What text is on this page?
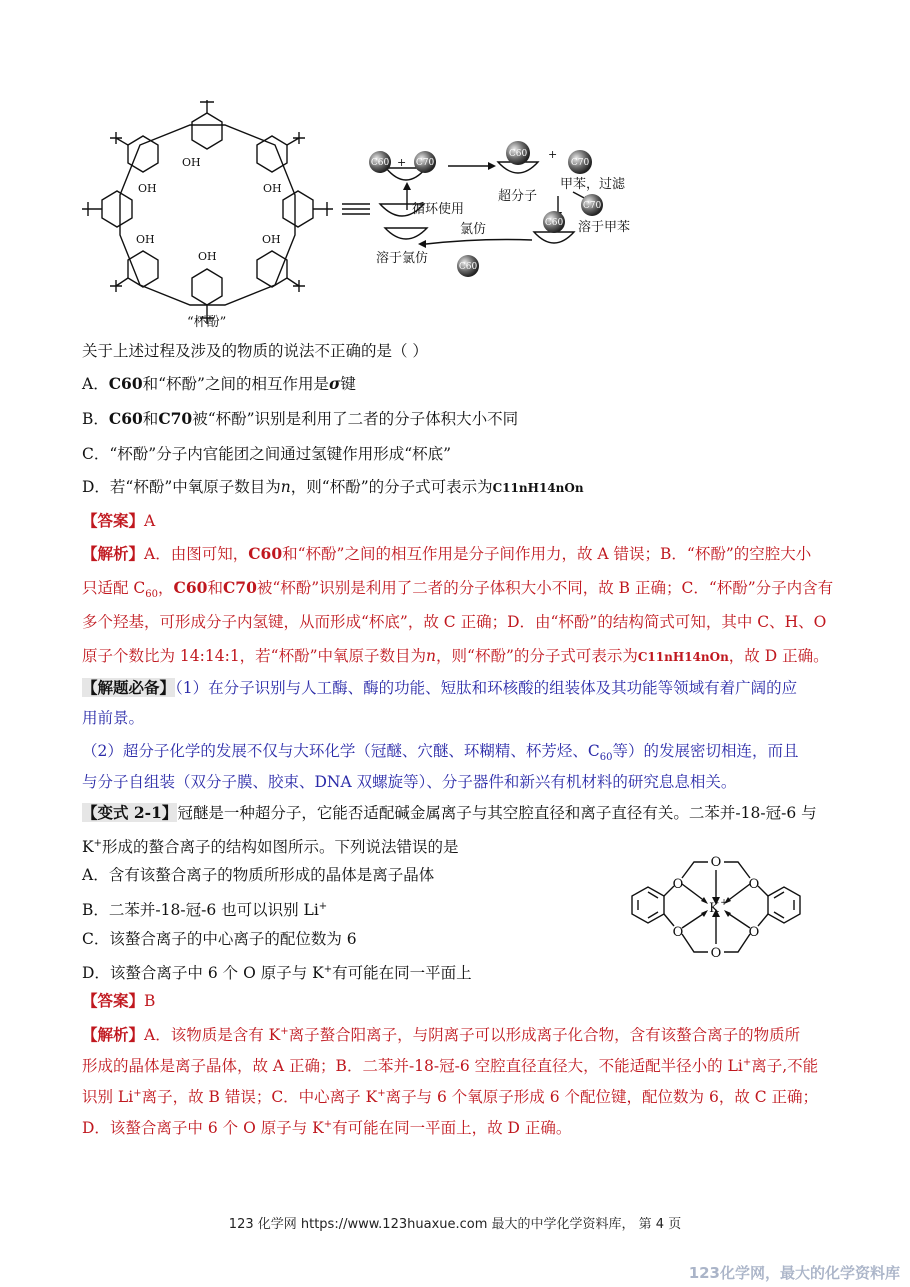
C60	C70
C60
C70
C70
C60
C60
+
+
OH
OH	OH
OH	OH
OH
“杯酚”
超分子
甲苯，过滤
溶于甲苯
循环使用
氯仿
溶于氯仿
关于上述过程及涉及的物质的说法不正确的是（ ）
A．C60和“杯酚”之间的相互作用是σ键
B．C60和C70被“杯酚”识别是利用了二者的分子体积大小不同
C．“杯酚”分子内官能团之间通过氢键作用形成“杯底”
D．若“杯酚”中氧原子数目为n，则“杯酚”的分子式可表示为C11nH14nOn
【答案】A
【解析】A．由图可知，C60和“杯酚”之间的相互作用是分子间作用力，故 A 错误；B．“杯酚”的空腔大小
只适配 $C_{60}$，C60和C70被“杯酚”识别是利用了二者的分子体积大小不同，故 B 正确；C．“杯酚”分子内含有
多个羟基，可形成分子内氢键，从而形成“杯底”，故 C 正确；D．由“杯酚”的结构简式可知，其中 C、H、O
原子个数比为 14:14:1，若“杯酚”中氧原子数目为n，则“杯酚”的分子式可表示为C11nH14nOn，故 D 正确。
【解题必备】（1）在分子识别与人工酶、酶的功能、短肽和环核酸的组装体及其功能等领域有着广阔的应
用前景。
（2）超分子化学的发展不仅与大环化学（冠醚、穴醚、环糊精、杯芳烃、$C_{60}$等）的发展密切相连，而且
与分子自组装（双分子膜、胶束、DNA 双螺旋等）、分子器件和新兴有机材料的研究息息相关。
【变式 2-1】冠醚是一种超分子，它能否适配碱金属离子与其空腔直径和离子直径有关。二苯并-18-冠-6 与
K+形成的螯合离子的结构如图所示。下列说法错误的是
A．含有该螯合离子的物质所形成的晶体是离子晶体
B．二苯并-18-冠-6 也可以识别 Li+
C．该螯合离子的中心离子的配位数为 6
D．该螯合离子中 6 个 O 原子与 K+有可能在同一平面上
【答案】B
【解析】A．该物质是含有 K+离子螯合阳离子，与阴离子可以形成离子化合物，含有该螯合离子的物质所
形成的晶体是离子晶体，故 A 正确；B．二苯并-18-冠-6 空腔直径直径大，不能适配半径小的 Li+离子,不能
识别 Li+离子，故 B 错误；C．中心离子 K+离子与 6 个氧原子形成 6 个配位键，配位数为 6，故 C 正确；
D．该螯合离子中 6 个 O 原子与 K+有可能在同一平面上，故 D 正确。
O	O
O	O
O
O
K +
123 化学网 https://www.123huaxue.com 最大的中学化学资料库， 第 4 页
123化学网，最大的化学资料库
